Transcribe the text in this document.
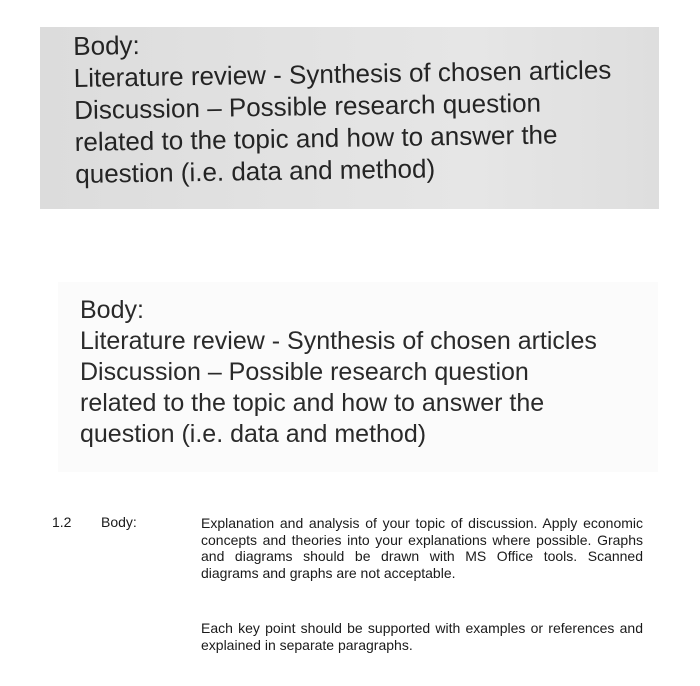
Body:
Literature review - Synthesis of chosen articles
Discussion – Possible research question
related to the topic and how to answer the
question (i.e. data and method)
Body:
Literature review - Synthesis of chosen articles
Discussion – Possible research question
related to the topic and how to answer the
question (i.e. data and method)
1.2 Body:	Explanation and analysis of your topic of discussion. Apply economic concepts and theories into your explanations where possible. Graphs and diagrams should be drawn with MS Office tools. Scanned diagrams and graphs are not acceptable.
Each key point should be supported with examples or references and explained in separate paragraphs.
